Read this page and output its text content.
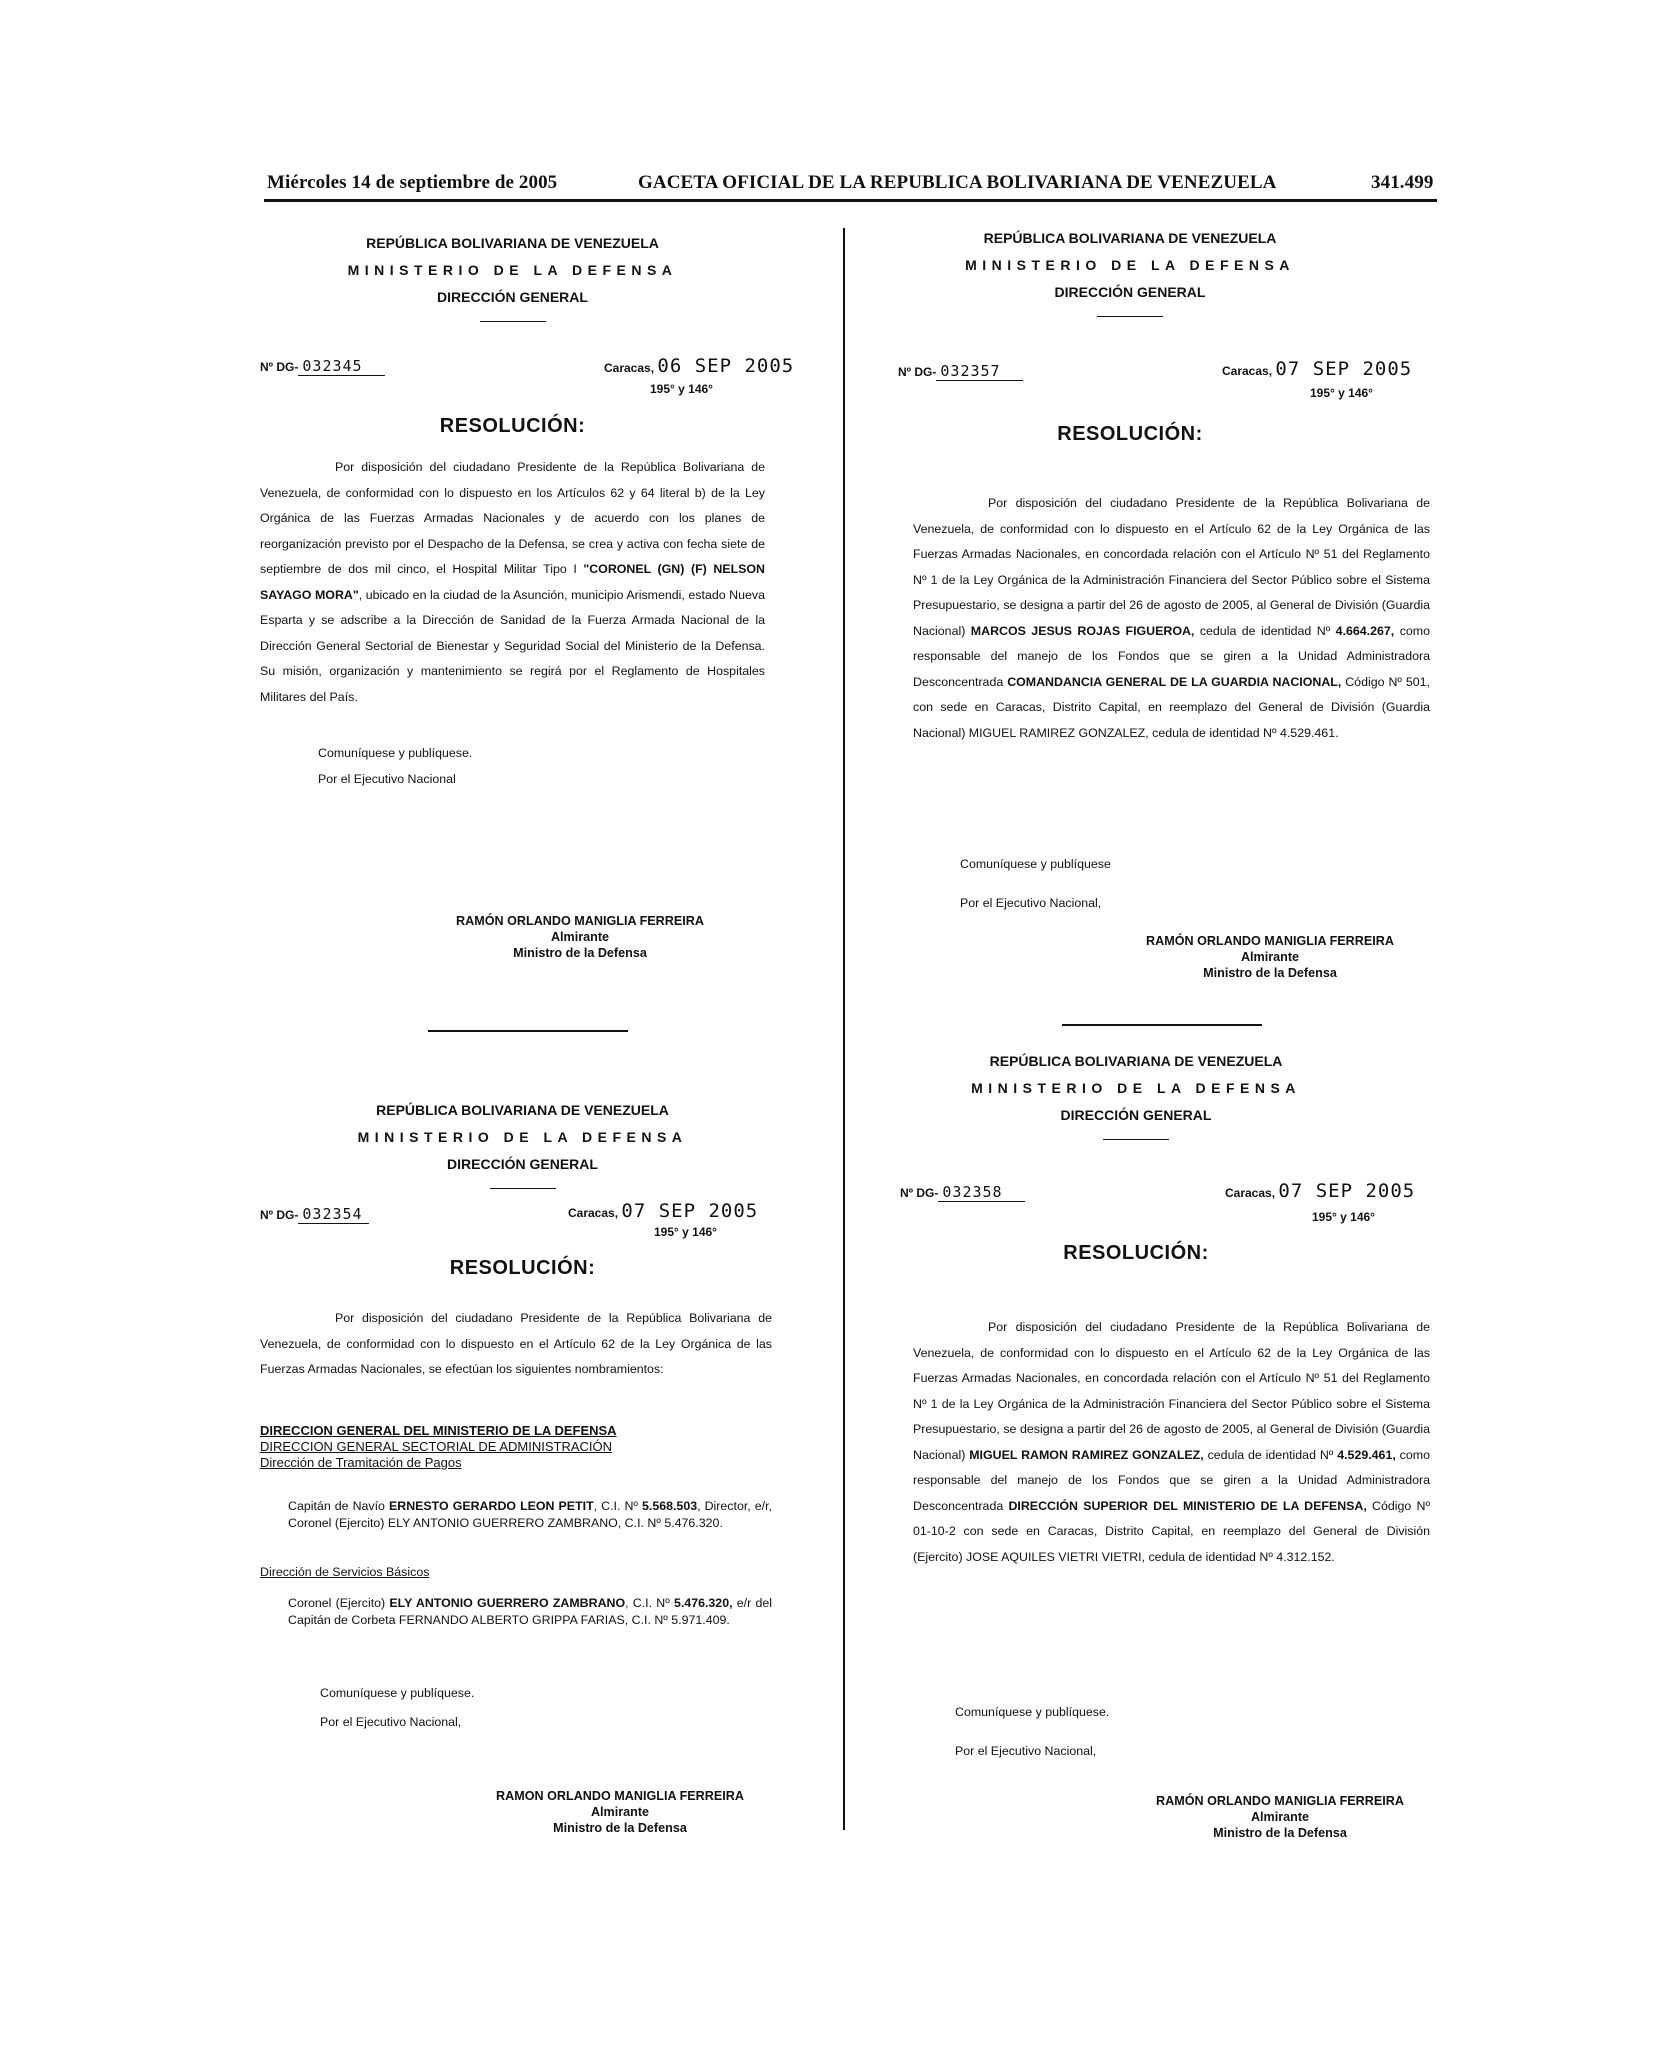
Miércoles 14 de septiembre de 2005	GACETA OFICIAL DE LA REPUBLICA BOLIVARIANA DE VENEZUELA	341.499
REPÚBLICA BOLIVARIANA DE VENEZUELA
MINISTERIO DE LA DEFENSA
DIRECCIÓN GENERAL
Nº DG- 032345	Caracas, 06 SEP 2005
195° y 146°
RESOLUCIÓN:

Por disposición del ciudadano Presidente de la República Bolivariana de Venezuela, de conformidad con lo dispuesto en los Artículos 62 y 64 literal b) de la Ley Orgánica de las Fuerzas Armadas Nacionales y de acuerdo con los planes de reorganización previsto por el Despacho de la Defensa, se crea y activa con fecha siete de septiembre de dos mil cinco, el Hospital Militar Tipo I "CORONEL (GN) (F) NELSON SAYAGO MORA", ubicado en la ciudad de la Asunción, municipio Arismendi, estado Nueva Esparta y se adscribe a la Dirección de Sanidad de la Fuerza Armada Nacional de la Dirección General Sectorial de Bienestar y Seguridad Social del Ministerio de la Defensa. Su misión, organización y mantenimiento se regirá por el Reglamento de Hospitales Militares del País.

Comuníquese y publíquese.
Por el Ejecutivo Nacional
RAMÓN ORLANDO MANIGLIA FERREIRA
Almirante
Ministro de la Defensa
REPÚBLICA BOLIVARIANA DE VENEZUELA
MINISTERIO DE LA DEFENSA
DIRECCIÓN GENERAL
Nº DG- 032354	Caracas, 07 SEP 2005
195° y 146°
RESOLUCIÓN:

Por disposición del ciudadano Presidente de la República Bolivariana de Venezuela, de conformidad con lo dispuesto en el Artículo 62 de la Ley Orgánica de las Fuerzas Armadas Nacionales, se efectúan los siguientes nombramientos:

DIRECCION GENERAL DEL MINISTERIO DE LA DEFENSA
DIRECCION GENERAL SECTORIAL DE ADMINISTRACIÓN
Dirección de Tramitación de Pagos
Capitán de Navío ERNESTO GERARDO LEON PETIT, C.I. Nº 5.568.503, Director, e/r, Coronel (Ejercito) ELY ANTONIO GUERRERO ZAMBRANO, C.I. Nº 5.476.320.
Dirección de Servicios Básicos
Coronel (Ejercito) ELY ANTONIO GUERRERO ZAMBRANO, C.I. Nº 5.476.320, e/r del Capitán de Corbeta FERNANDO ALBERTO GRIPPA FARIAS, C.I. Nº 5.971.409.
Comuníquese y publíquese.
Por el Ejecutivo Nacional,
RAMON ORLANDO MANIGLIA FERREIRA
Almirante
Ministro de la Defensa
REPÚBLICA BOLIVARIANA DE VENEZUELA
MINISTERIO DE LA DEFENSA
DIRECCIÓN GENERAL
Nº DG- 032357	Caracas, 07 SEP 2005
195° y 146°
RESOLUCIÓN:

Por disposición del ciudadano Presidente de la República Bolivariana de Venezuela, de conformidad con lo dispuesto en el Artículo 62 de la Ley Orgánica de las Fuerzas Armadas Nacionales, en concordada relación con el Artículo Nº 51 del Reglamento Nº 1 de la Ley Orgánica de la Administración Financiera del Sector Público sobre el Sistema Presupuestario, se designa a partir del 26 de agosto de 2005, al General de División (Guardia Nacional) MARCOS JESUS ROJAS FIGUEROA, cedula de identidad Nº 4.664.267, como responsable del manejo de los Fondos que se giren a la Unidad Administradora Desconcentrada COMANDANCIA GENERAL DE LA GUARDIA NACIONAL, Código Nº 501, con sede en Caracas, Distrito Capital, en reemplazo del General de División (Guardia Nacional) MIGUEL RAMIREZ GONZALEZ, cedula de identidad Nº 4.529.461.

Comuníquese y publíquese
Por el Ejecutivo Nacional,
RAMÓN ORLANDO MANIGLIA FERREIRA
Almirante
Ministro de la Defensa
REPÚBLICA BOLIVARIANA DE VENEZUELA
MINISTERIO DE LA DEFENSA
DIRECCIÓN GENERAL
Nº DG- 032358	Caracas, 07 SEP 2005
195° y 146°
RESOLUCIÓN:

Por disposición del ciudadano Presidente de la República Bolivariana de Venezuela, de conformidad con lo dispuesto en el Artículo 62 de la Ley Orgánica de las Fuerzas Armadas Nacionales, en concordada relación con el Artículo Nº 51 del Reglamento Nº 1 de la Ley Orgánica de la Administración Financiera del Sector Público sobre el Sistema Presupuestario, se designa a partir del 26 de agosto de 2005, al General de División (Guardia Nacional) MIGUEL RAMON RAMIREZ GONZALEZ, cedula de identidad Nº 4.529.461, como responsable del manejo de los Fondos que se giren a la Unidad Administradora Desconcentrada DIRECCIÓN SUPERIOR DEL MINISTERIO DE LA DEFENSA, Código Nº 01-10-2 con sede en Caracas, Distrito Capital, en reemplazo del General de División (Ejercito) JOSE AQUILES VIETRI VIETRI, cedula de identidad Nº 4.312.152.

Comuníquese y publíquese.
Por el Ejecutivo Nacional,
RAMÓN ORLANDO MANIGLIA FERREIRA
Almirante
Ministro de la Defensa
